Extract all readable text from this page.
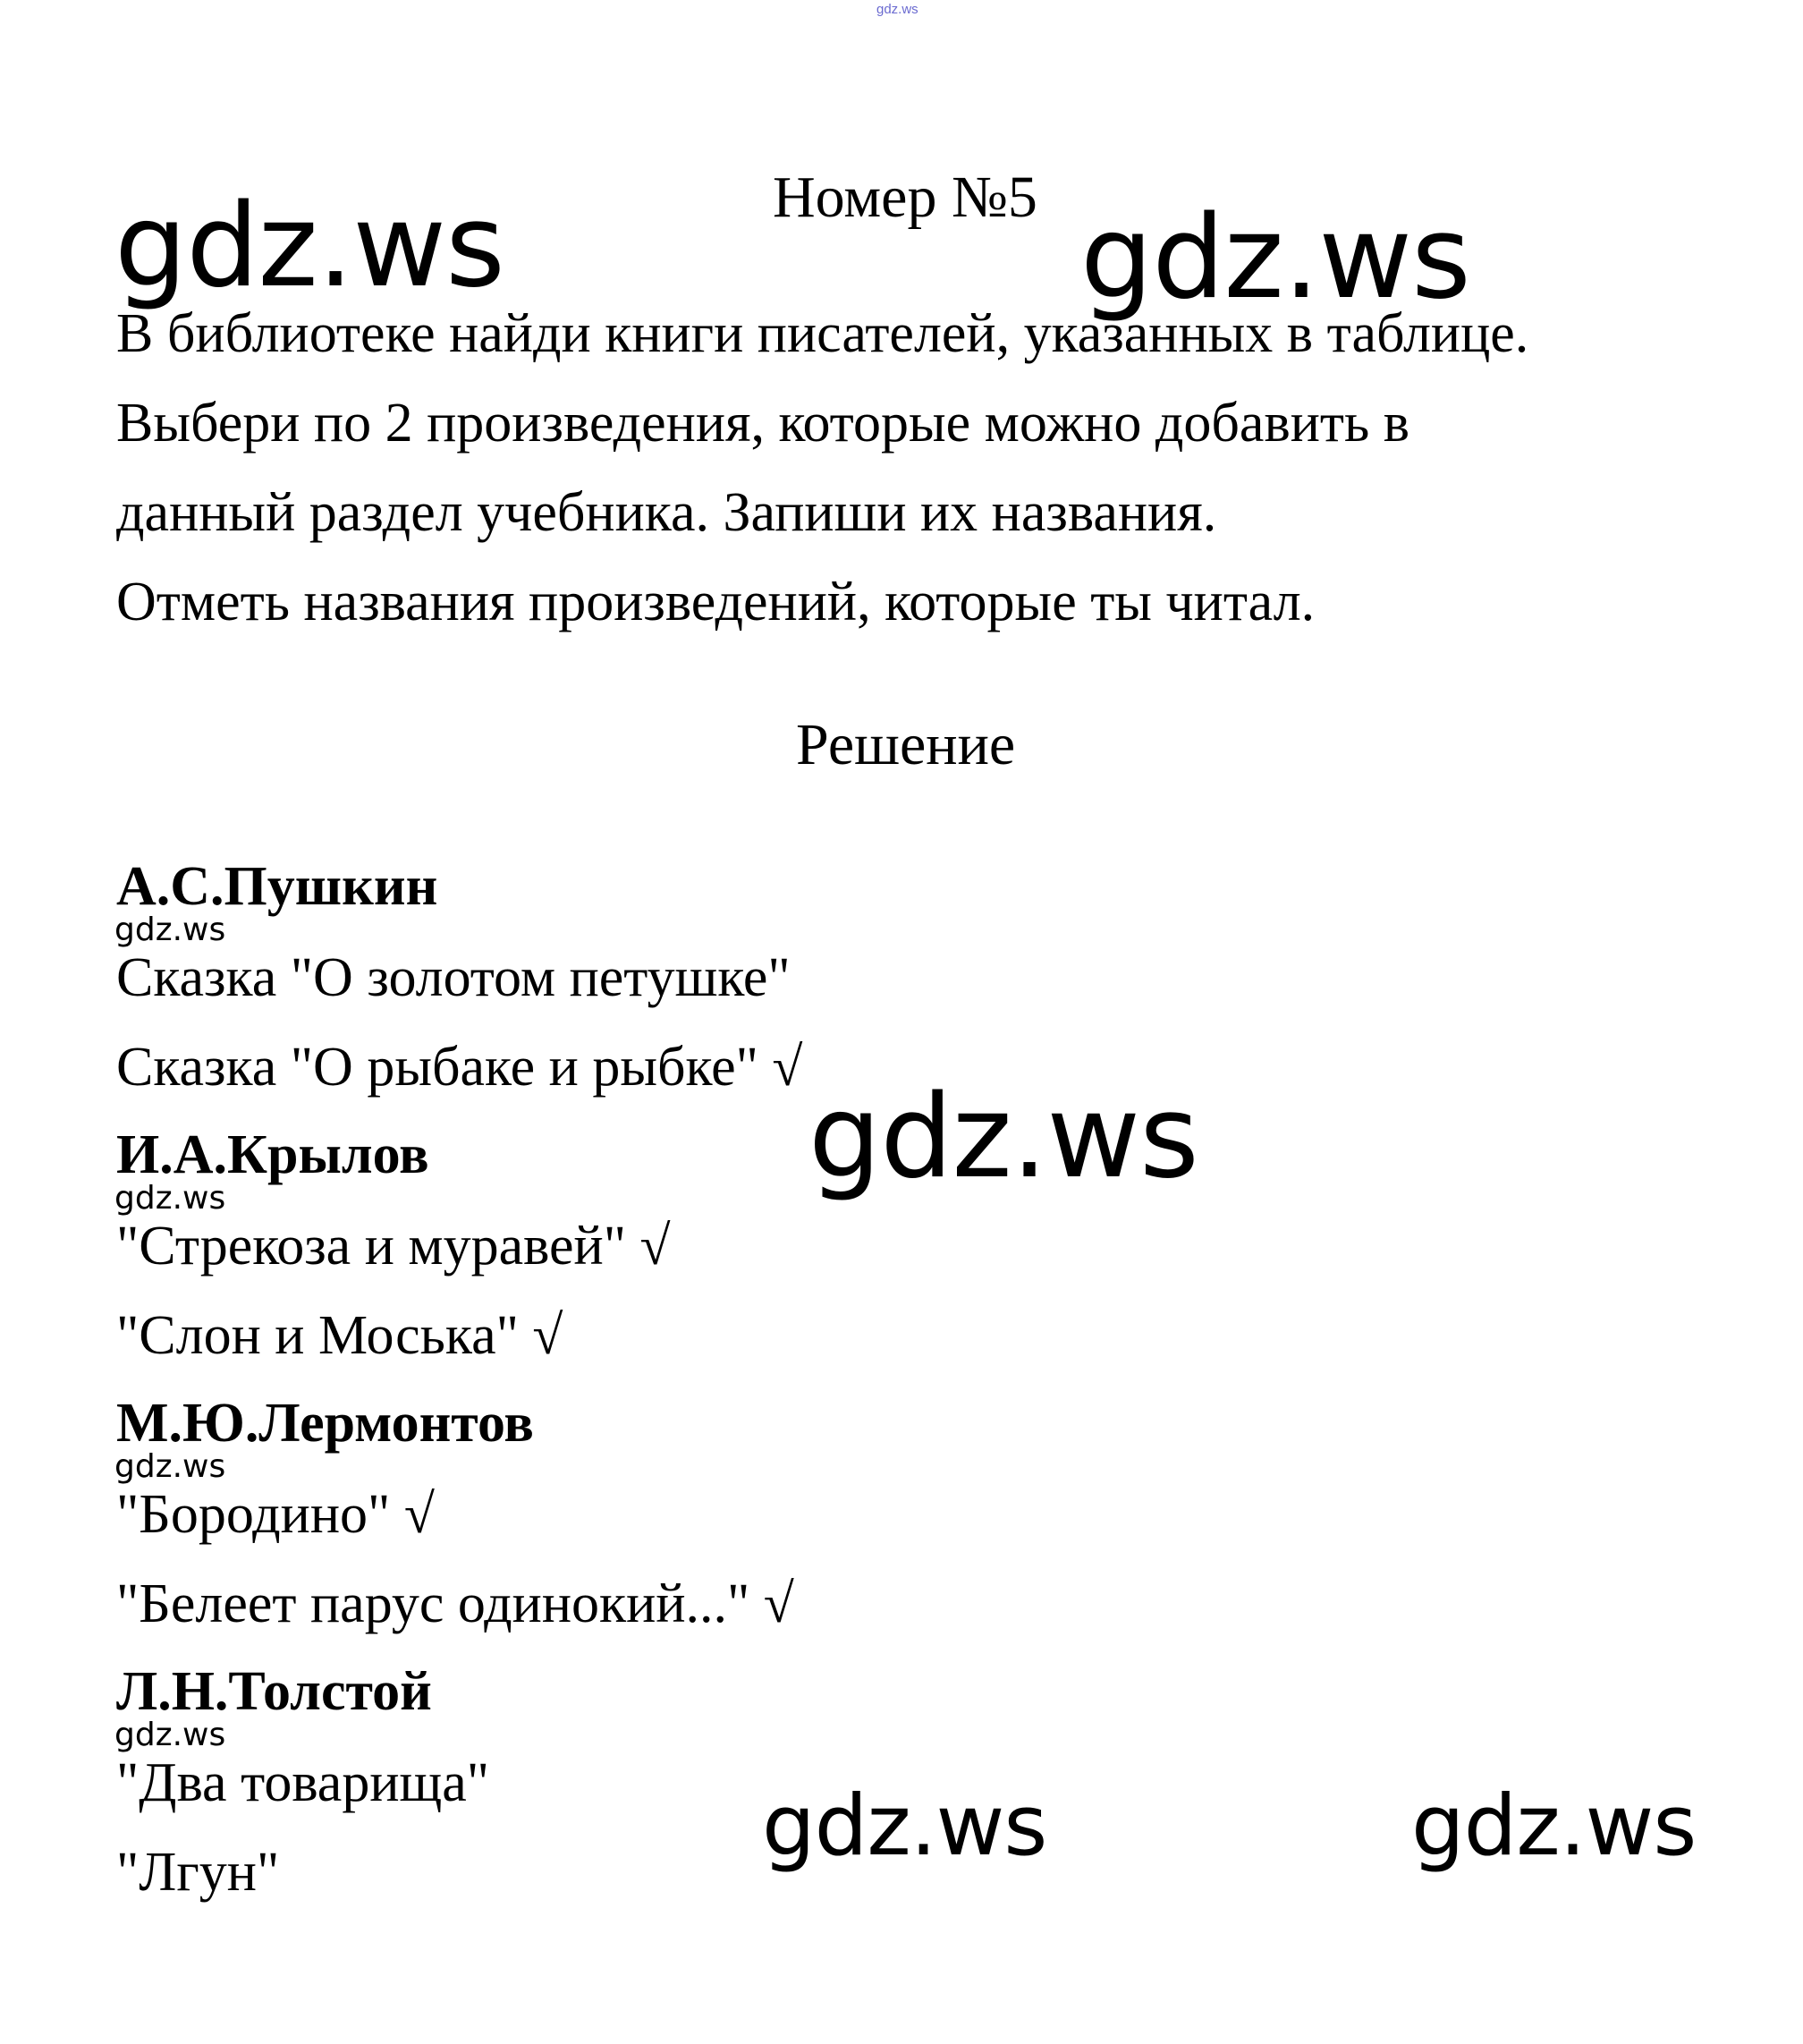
gdz.ws
gdz.ws	gdz.ws
gdz.ws
gdz.ws	gdz.ws
Номер №5
В библиотеке найди книги писателей, указанных в таблице.
Выбери по 2 произведения, которые можно добавить в
данный раздел учебника. Запиши их названия.
Отметь названия произведений, которые ты читал.
Решение
А.С.Пушкин
gdz.ws
Сказка "О золотом петушке"
Сказка "О рыбаке и рыбке" √
И.А.Крылов
gdz.ws
"Стрекоза и муравей" √
"Слон и Моська" √
М.Ю.Лермонтов
gdz.ws
"Бородино" √
"Белеет парус одинокий..." √
Л.Н.Толстой
gdz.ws
"Два товарища"
"Лгун"
